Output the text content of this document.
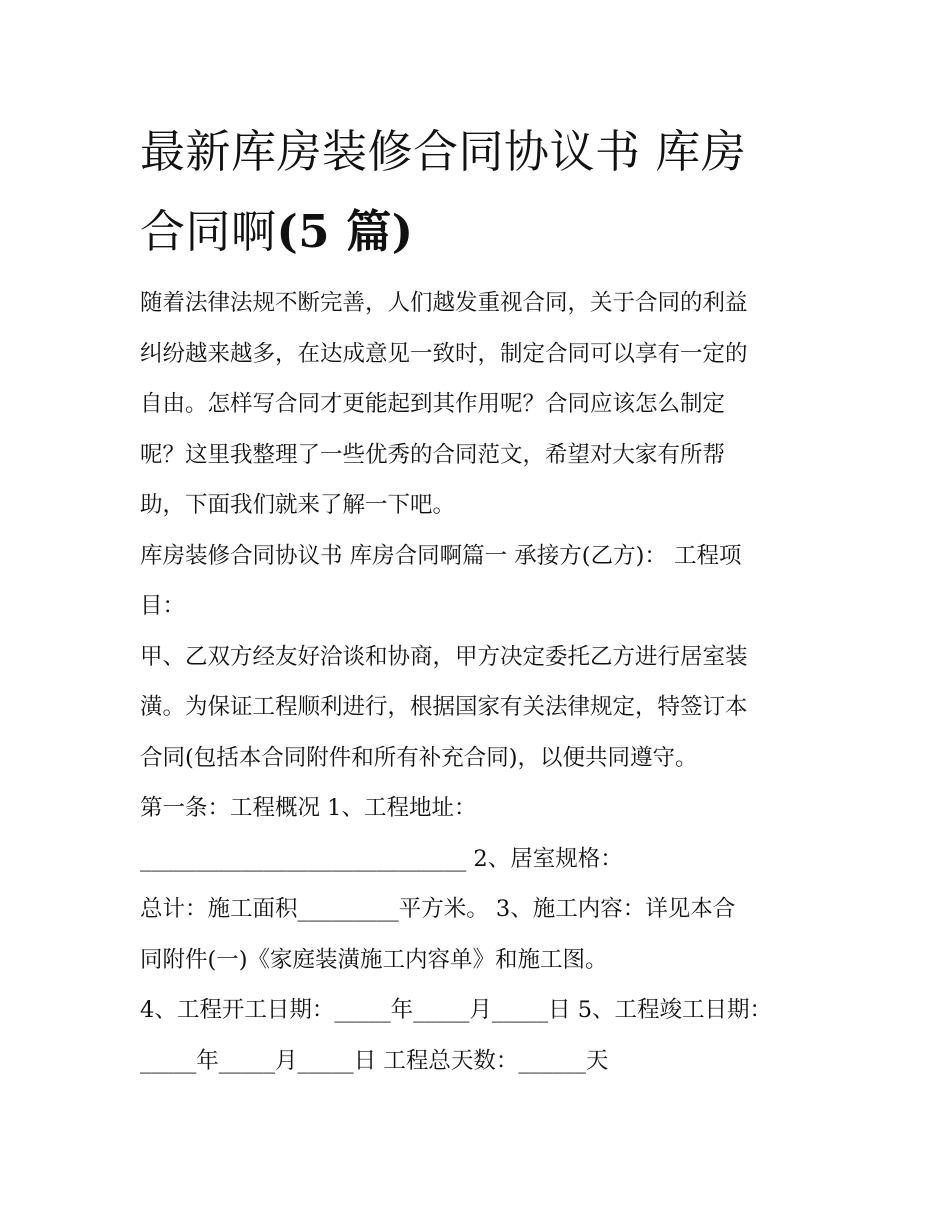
最新库房装修合同协议书 库房
合同啊(5 篇)

随着法律法规不断完善，人们越发重视合同，关于合同的利益
纠纷越来越多，在达成意见一致时，制定合同可以享有一定的
自由。怎样写合同才更能起到其作用呢？合同应该怎么制定
呢？这里我整理了一些优秀的合同范文，希望对大家有所帮
助，下面我们就来了解一下吧。

库房装修合同协议书 库房合同啊篇一 承接方(乙方)： 工程项
目：

甲、乙双方经友好洽谈和协商，甲方决定委托乙方进行居室装
潢。为保证工程顺利进行，根据国家有关法律规定，特签订本
合同(包括本合同附件和所有补充合同)，以便共同遵守。

第一条：工程概况 1、工程地址：
_____________________________ 2、居室规格：
总计：施工面积_________平方米。 3、施工内容：详见本合
同附件(一)《家庭装潢施工内容单》和施工图。

4、工程开工日期：_____年_____月_____日 5、工程竣工日期：
_____年_____月_____日 工程总天数：______天
